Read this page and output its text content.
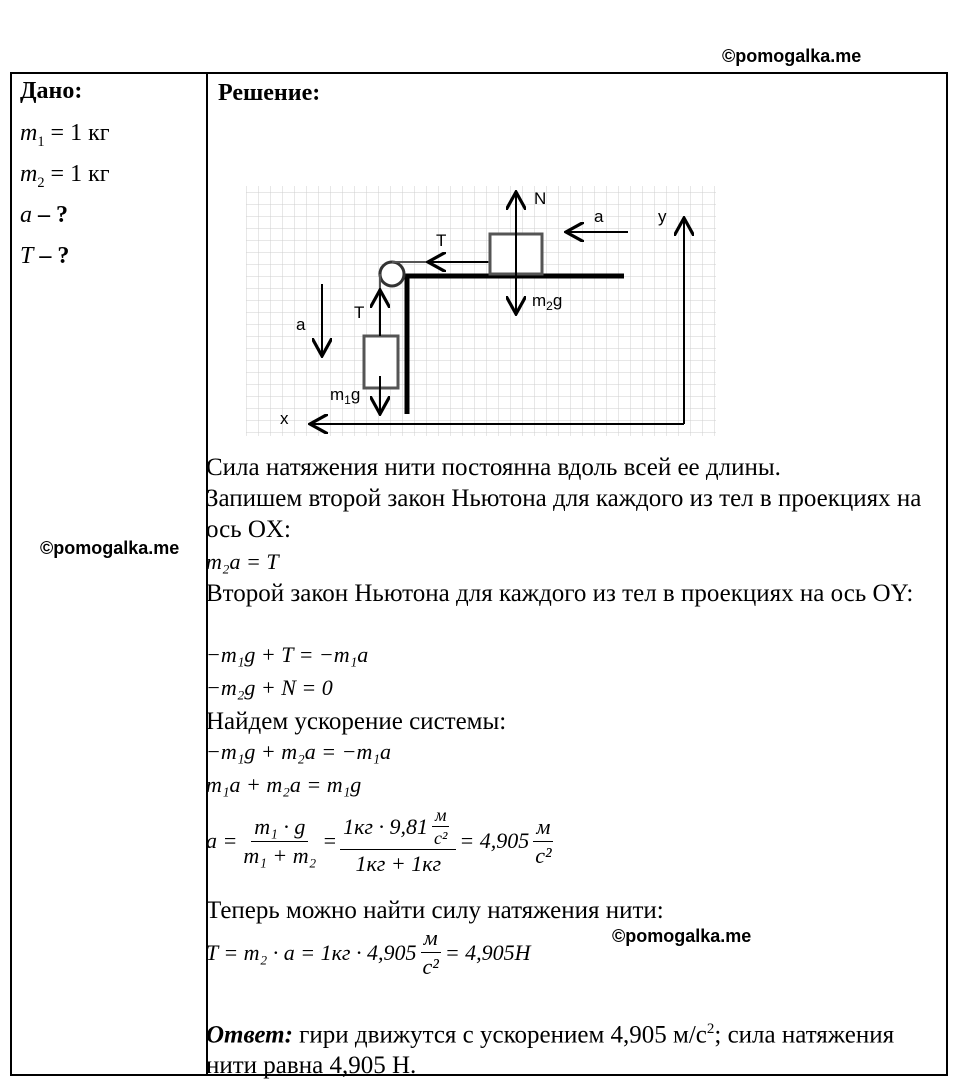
©pomogalka.me
Дано:
$m_1 = 1$ кг
$m_2 = 1$ кг
a – ?
T – ?
Решение:
©pomogalka.me
N
a	y
T
$m_2g$
a
T
$m_1g$
x
Сила натяжения нити постоянна вдоль всей ее длины.
Запишем второй закон Ньютона для каждого из тел в проекциях на ось OX:
m₂a = T
Второй закон Ньютона для каждого из тел в проекциях на ось OY:
−m₁g + T = −m₁a
−m₂g + N = 0
Найдем ускорение системы:
−m₁g + m₂a = −m₁a
m₁a + m₂a = m₁g
$a = \frac{\text{m₁ · g}}{\text{m₁ + m₂}} = \frac{1кг \cdot 9,81 \frac{м}{\text{c²}}}{1кг + 1кг} = 4,905 \frac{м}{\text{c²}}$
Теперь можно найти силу натяжения нити:
$T = m_2 \cdot a = 1кг \cdot 4,905 \frac{м}{\text{c²}} = 4,905H$
©pomogalka.me
Ответ: гири движутся с ускорением 4,905 $м/с^2$; сила натяжения нити равна 4,905 Н.
